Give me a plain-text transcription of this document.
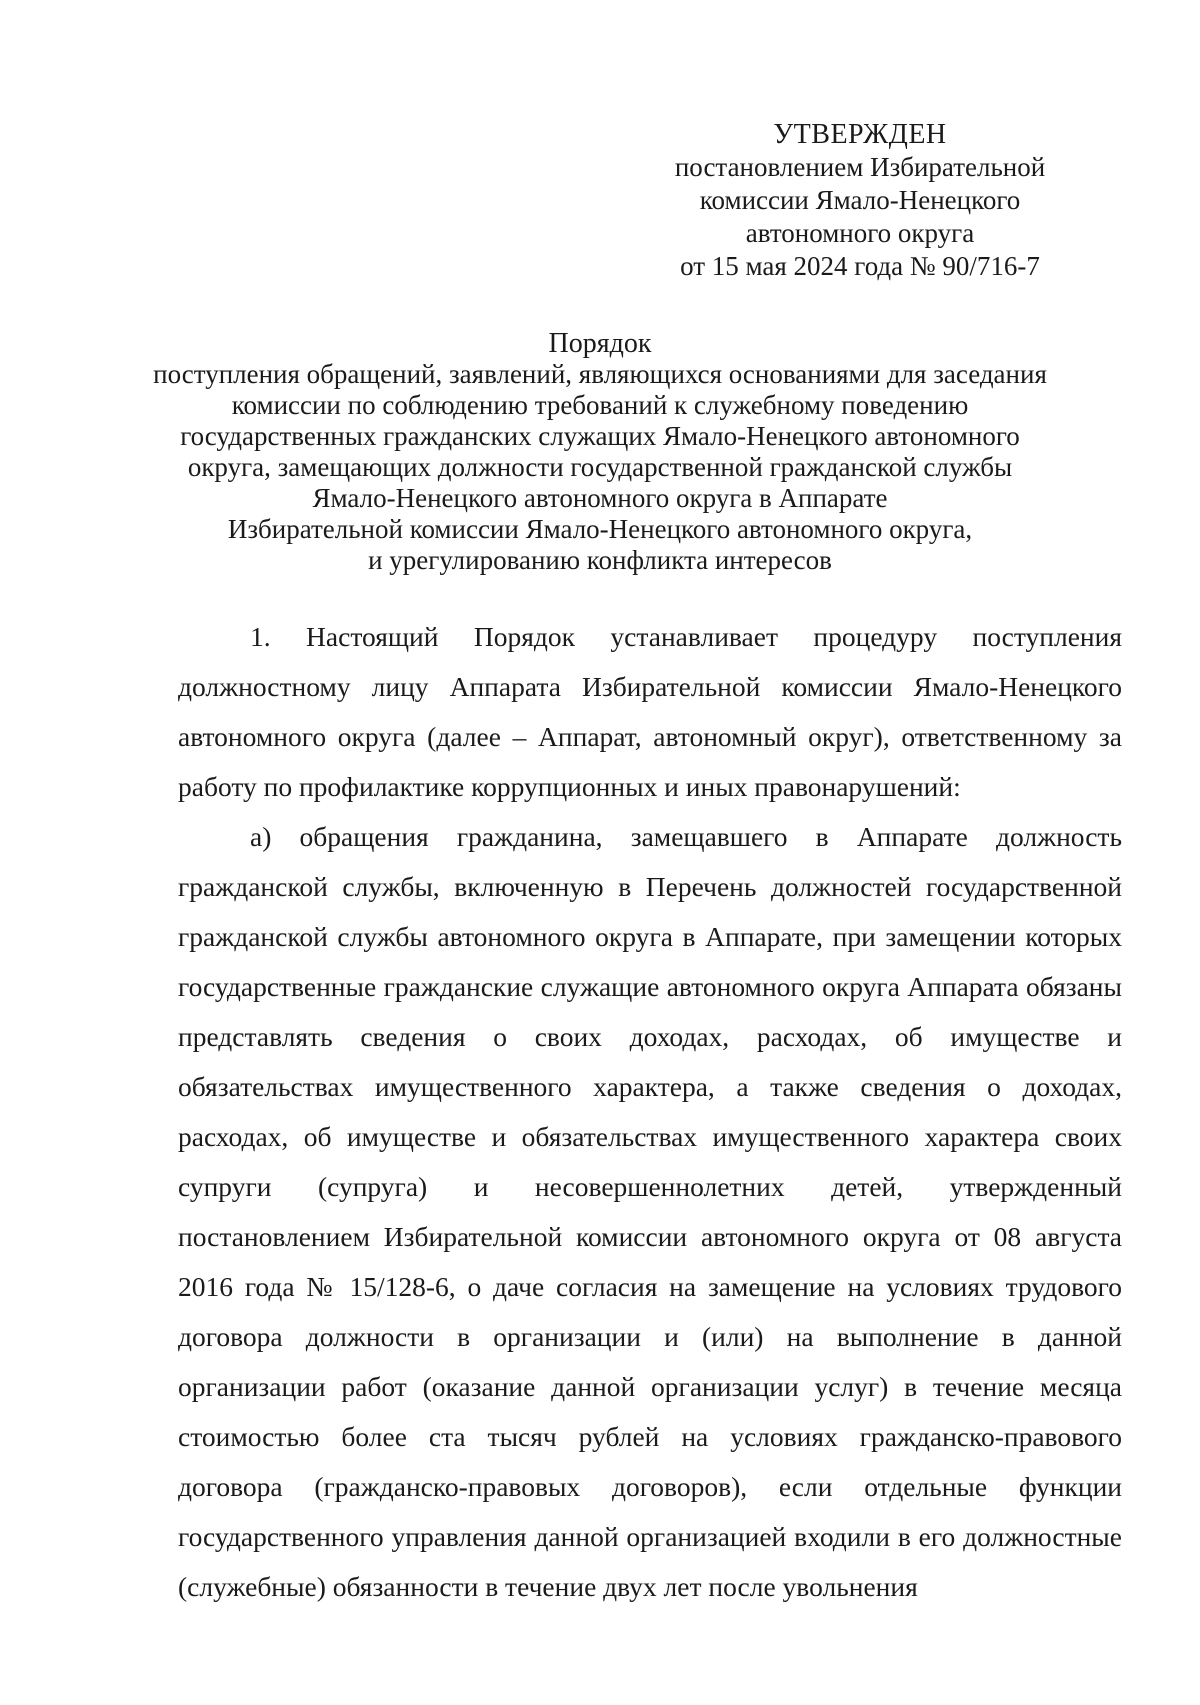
УТВЕРЖДЕН
постановлением Избирательной
комиссии Ямало-Ненецкого
автономного округа
от 15 мая 2024 года № 90/716-7
Порядок
поступления обращений, заявлений, являющихся основаниями для заседания
комиссии по соблюдению требований к служебному поведению
государственных гражданских служащих Ямало-Ненецкого автономного
округа, замещающих должности государственной гражданской службы
Ямало-Ненецкого автономного округа в Аппарате
Избирательной комиссии Ямало-Ненецкого автономного округа,
и урегулированию конфликта интересов

1. Настоящий Порядок устанавливает процедуру поступления должностному лицу Аппарата Избирательной комиссии Ямало-Ненецкого автономного округа (далее – Аппарат, автономный округ), ответственному за работу по профилактике коррупционных и иных правонарушений:

а) обращения гражданина, замещавшего в Аппарате должность гражданской службы, включенную в Перечень должностей государственной гражданской службы автономного округа в Аппарате, при замещении которых государственные гражданские служащие автономного округа Аппарата обязаны представлять сведения о своих доходах, расходах, об имуществе и обязательствах имущественного характера, а также сведения о доходах, расходах, об имуществе и обязательствах имущественного характера своих супруги (супруга) и несовершеннолетних детей, утвержденный постановлением Избирательной комиссии автономного округа от 08 августа 2016 года № 15/128-6, о даче согласия на замещение на условиях трудового договора должности в организации и (или) на выполнение в данной организации работ (оказание данной организации услуг) в течение месяца стоимостью более ста тысяч рублей на условиях гражданско-правового договора (гражданско-правовых договоров), если отдельные функции государственного управления данной организацией входили в его должностные (служебные) обязанности в течение двух лет после увольнения
